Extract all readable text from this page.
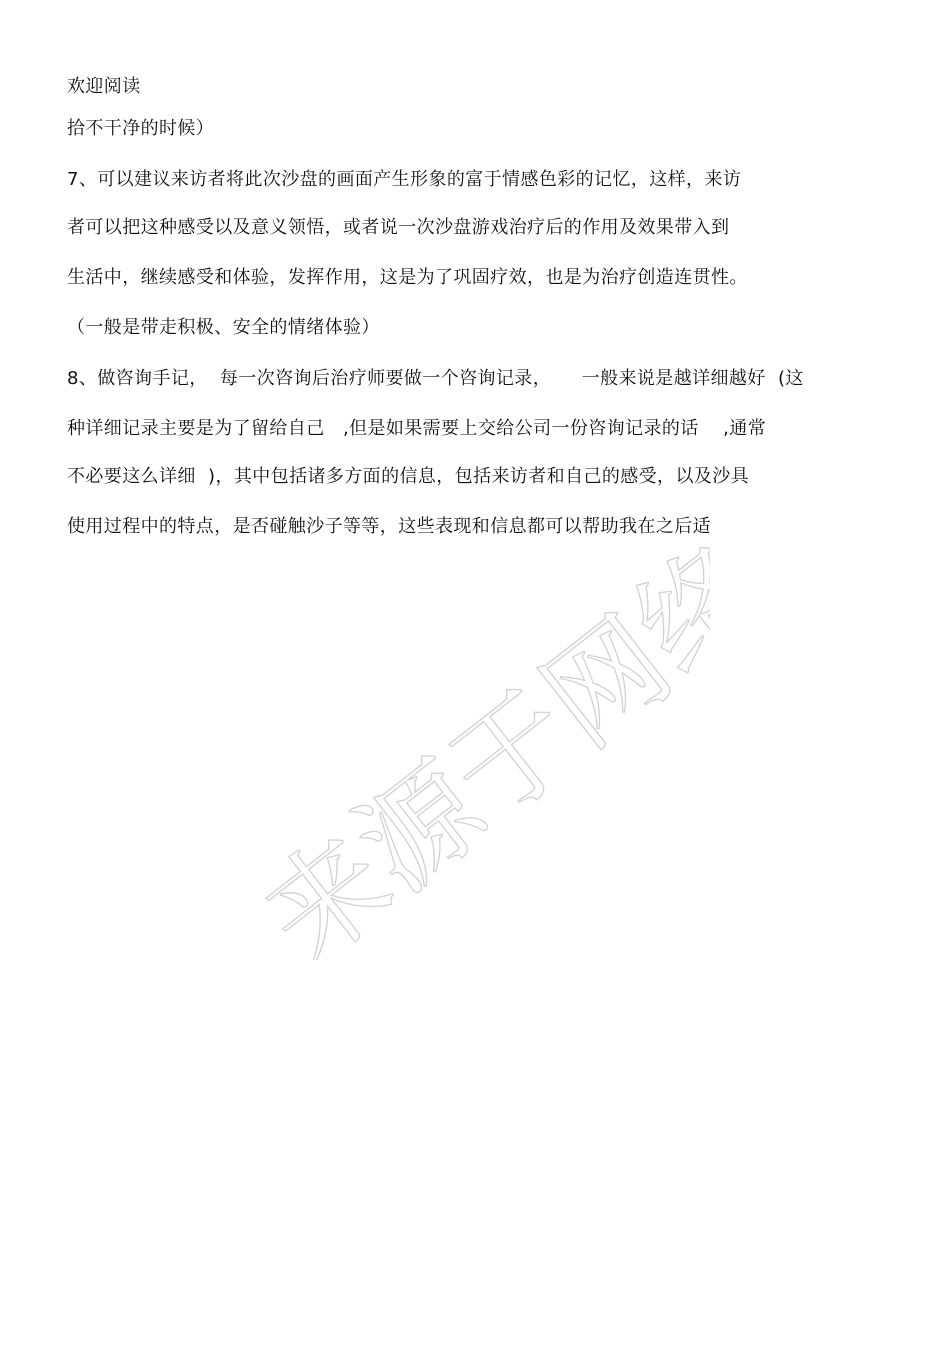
欢迎阅读
拾不干净的时候）
7、可以建议来访者将此次沙盘的画面产生形象的富于情感色彩的记忆，这样，来访
者可以把这种感受以及意义领悟，或者说一次沙盘游戏治疗后的作用及效果带入到
生活中，继续感受和体验，发挥作用，这是为了巩固疗效，也是为治疗创造连贯性。
（一般是带走积极、安全的情绪体验）
8、做咨询手记，  每一次咨询后治疗师要做一个咨询记录，     一般来说是越详细越好  (这
种详细记录主要是为了留给自己   ,但是如果需要上交给公司一份咨询记录的话    ,通常
不必要这么详细  )，其中包括诸多方面的信息，包括来访者和自己的感受，以及沙具
使用过程中的特点，是否碰触沙子等等，这些表现和信息都可以帮助我在之后适
来源于网络
